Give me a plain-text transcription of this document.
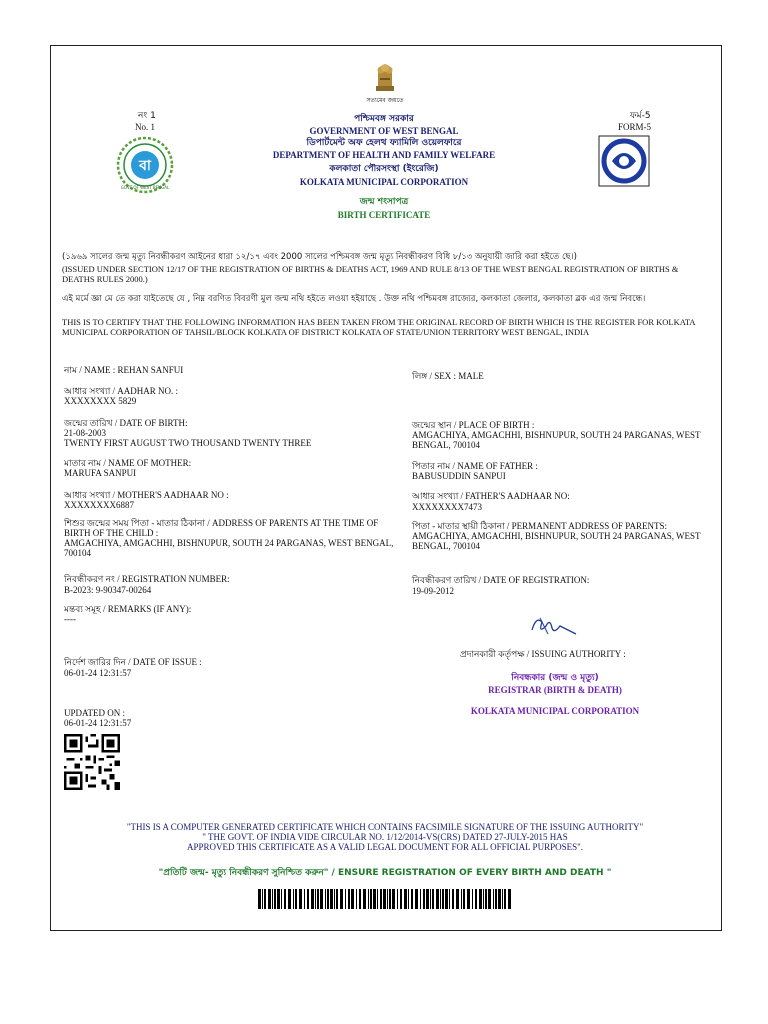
সত্যমেব জয়তে
নং 1
No. 1
ফর্ম-5
FORM-5
বা
GOVT OF WEST BENGAL
পশ্চিমবঙ্গ সরকার
GOVERNMENT OF WEST BENGAL
ডিপার্টমেন্ট অফ হেলথ ফ্যামিলি ওয়েলফারে
DEPARTMENT OF HEALTH AND FAMILY WELFARE
কলকাতা পৌরসংস্থা (ইংরেজি)
KOLKATA MUNICIPAL CORPORATION
জন্ম শংসাপত্র
BIRTH CERTIFICATE
(১৯৬৯ সালের জন্ম মৃত্যু নিবন্ধীকরণ আইনের ধারা ১২/১৭ এবং 2000 সালের পশ্চিমবঙ্গ জন্ম মৃত্যু নিবন্ধীকরণ বিধি ৮/১৩ অনুযায়ী জারি করা হইতে ছে।)
(ISSUED UNDER SECTION 12/17 OF THE REGISTRATION OF BIRTHS & DEATHS ACT, 1969 AND RULE 8/13 OF THE WEST BENGAL REGISTRATION OF BIRTHS & DEATHS RULES 2000.)
এই মর্মে জ্ঞা মে তে করা যাইতেছে যে , নিম্ন বরণিত বিবরণী মুল জন্ম নথি হইতে লওয়া হইয়াছে . উক্ত নথি পশ্চিমবঙ্গ রাজ্যের, কলকাতা জেলার, কলকাতা ব্লক এর জন্ম নিবন্ধে।
THIS IS TO CERTIFY THAT THE FOLLOWING INFORMATION HAS BEEN TAKEN FROM THE ORIGINAL RECORD OF BIRTH WHICH IS THE REGISTER FOR KOLKATA MUNICIPAL CORPORATION OF TAHSIL/BLOCK KOLKATA OF DISTRICT KOLKATA OF STATE/UNION TERRITORY WEST BENGAL, INDIA
নাম / NAME : REHAN SANFUI
আধার সংখ্যা / AADHAR NO. :
XXXXXXXX 5829
জন্মের তারিখ / DATE OF BIRTH:
21-08-2003
TWENTY FIRST AUGUST TWO THOUSAND TWENTY THREE
মাতার নাম / NAME OF MOTHER:
MARUFA SANPUI
আধার সংখ্যা / MOTHER'S AADHAAR NO :
XXXXXXXX6887
শিশুর জন্মের সময় পিতা - মাতার ঠিকানা / ADDRESS OF PARENTS AT THE TIME OF BIRTH OF THE CHILD :
AMGACHIYA, AMGACHHI, BISHNUPUR, SOUTH 24 PARGANAS, WEST BENGAL, 700104
নিবন্ধীকরণ নং / REGISTRATION NUMBER:
B-2023: 9-90347-00264
মন্তব্য সমূহ / REMARKS (IF ANY):
----
নির্দেশ জারির দিন / DATE OF ISSUE :
06-01-24 12:31:57
UPDATED ON :
06-01-24 12:31:57
লিঙ্গ / SEX : MALE
জন্মের স্থান / PLACE OF BIRTH :
AMGACHIYA, AMGACHHI, BISHNUPUR, SOUTH 24 PARGANAS, WEST BENGAL, 700104
পিতার নাম / NAME OF FATHER :
BABUSUDDIN SANPUI
আধার সংখ্যা / FATHER'S AADHAAR NO:
XXXXXXXX7473
পিতা - মাতার স্থায়ী ঠিকানা / PERMANENT ADDRESS OF PARENTS:
AMGACHIYA, AMGACHHI, BISHNUPUR, SOUTH 24 PARGANAS, WEST BENGAL, 700104
নিবন্ধীকরণ তারিখ / DATE OF REGISTRATION:
19-09-2012
প্রদানকারী কর্তৃপক্ষ / ISSUING AUTHORITY :
নিবন্ধকার (জন্ম ও মৃত্যু)
REGISTRAR (BIRTH & DEATH)
KOLKATA MUNICIPAL CORPORATION
"THIS IS A COMPUTER GENERATED CERTIFICATE WHICH CONTAINS FACSIMILE SIGNATURE OF THE ISSUING AUTHORITY"
" THE GOVT. OF INDIA VIDE CIRCULAR NO. 1/12/2014-VS(CRS) DATED 27-JULY-2015 HAS
APPROVED THIS CERTIFICATE AS A VALID LEGAL DOCUMENT FOR ALL OFFICIAL PURPOSES".
"প্রতিটি জন্ম- মৃত্যু নিবন্ধীকরণ সুনিশ্চিত করুন" / ENSURE REGISTRATION OF EVERY BIRTH AND DEATH "
